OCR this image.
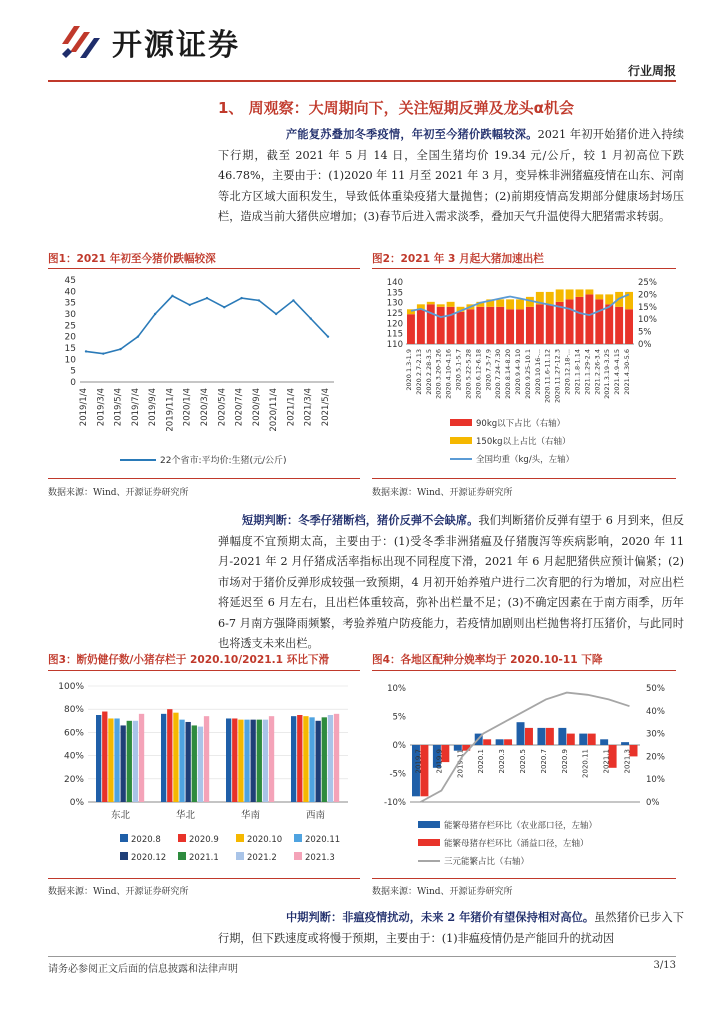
开源证券
行业周报
1、 周观察：大周期向下，关注短期反弹及龙头α机会
产能复苏叠加冬季疫情，年初至今猪价跌幅较深。2021 年初开始猪价进入持续下行期，截至 2021 年 5 月 14 日，全国生猪均价 19.34 元/公斤，较 1 月初高位下跌 46.78%，主要由于：(1)2020 年 11 月至 2021 年 3 月，变异株非洲猪瘟疫情在山东、河南等北方区域大面积发生，导致低体重染疫猪大量抛售；(2)前期疫情高发期部分健康场封场压栏，造成当前大猪供应增加；(3)春节后进入需求淡季，叠加天气升温使得大肥猪需求转弱。
图1：2021 年初至今猪价跌幅较深
0
5
10
15
20
25
30
35
40
45
2019/1/4 2019/3/4 2019/5/4 2019/7/4 2019/9/4 2019/11/4 2020/1/4 2020/3/4 2020/5/4 2020/7/4 2020/9/4 2020/11/4 2021/1/4 2021/3/4 2021/5/4
22个省市:平均价:生猪(元/公斤)
数据来源：Wind、开源证券研究所
图2：2021 年 3 月起大猪加速出栏
110
115
120
125
130
135
140
0%
5%
10%
15%
20%
25%
2020.1.3-1.9 2020.2.7-2.13 2020.2.28-3.5 2020.3.20-3.26 2020.4.10-4.16 2020.5.1-5.7 2020.5.22-5.28 2020.6.12-6.18 2020.7.3-7.9 2020.7.24-7.30 2020.8.14-8.20 2020.9.4-9.10 2020.9.25-10.1 2020.10.16-... 2020.11.6-11.12 2020.11.27-12.3 2020.12.18-... 2021.1.8-1.14 2021.1.29-2.4 2021.2.26-3.4 2021.3.19-3.25 2021.4.9-4.15 2021.4.30-5.6
90kg以下占比（右轴）
150kg以上占比（右轴）
全国均重（kg/头，左轴）
数据来源：Wind、开源证券研究所
短期判断：冬季仔猪断档，猪价反弹不会缺席。我们判断猪价反弹有望于 6 月到来，但反弹幅度不宜预期太高，主要由于：(1)受冬季非洲猪瘟及仔猪腹泻等疾病影响，2020 年 11 月-2021 年 2 月仔猪成活率指标出现不同程度下滑，2021 年 6 月起肥猪供应预计偏紧；(2)市场对于猪价反弹形成较强一致预期，4 月初开始养殖户进行二次育肥的行为增加，对应出栏将延迟至 6 月左右，且出栏体重较高，弥补出栏量不足；(3)不确定因素在于南方雨季，历年 6-7 月南方强降雨频繁，考验养殖户防疫能力，若疫情加剧则出栏抛售将打压猪价，与此同时也将透支未来出栏。
图3：断奶健仔数/小猪存栏于 2020.10/2021.1 环比下滑
0%
20%
40%
60%
80%
100%
东北	华北	华南	西南
2020.8	2020.9	2020.10	2020.11
2020.12	2021.1	2021.2	2021.3
数据来源：Wind、开源证券研究所
图4：各地区配种分娩率均于 2020.10-11 下降
-10%
-5%
0%
5%
10%
0%
10%
20%
30%
40%
50%
2019.7 2019.9 2019.11 2020.1 2020.3 2020.5 2020.7 2020.9 2020.11 2021.1 2021.3
能繁母猪存栏环比（农业部口径，左轴）
能繁母猪存栏环比（涌益口径，左轴）
三元能繁占比（右轴）
数据来源：Wind、开源证券研究所
中期判断：非瘟疫情扰动，未来 2 年猪价有望保持相对高位。虽然猪价已步入下行期，但下跌速度或将慢于预期，主要由于：(1)非瘟疫情仍是产能回升的扰动因
请务必参阅正文后面的信息披露和法律声明	3/13
